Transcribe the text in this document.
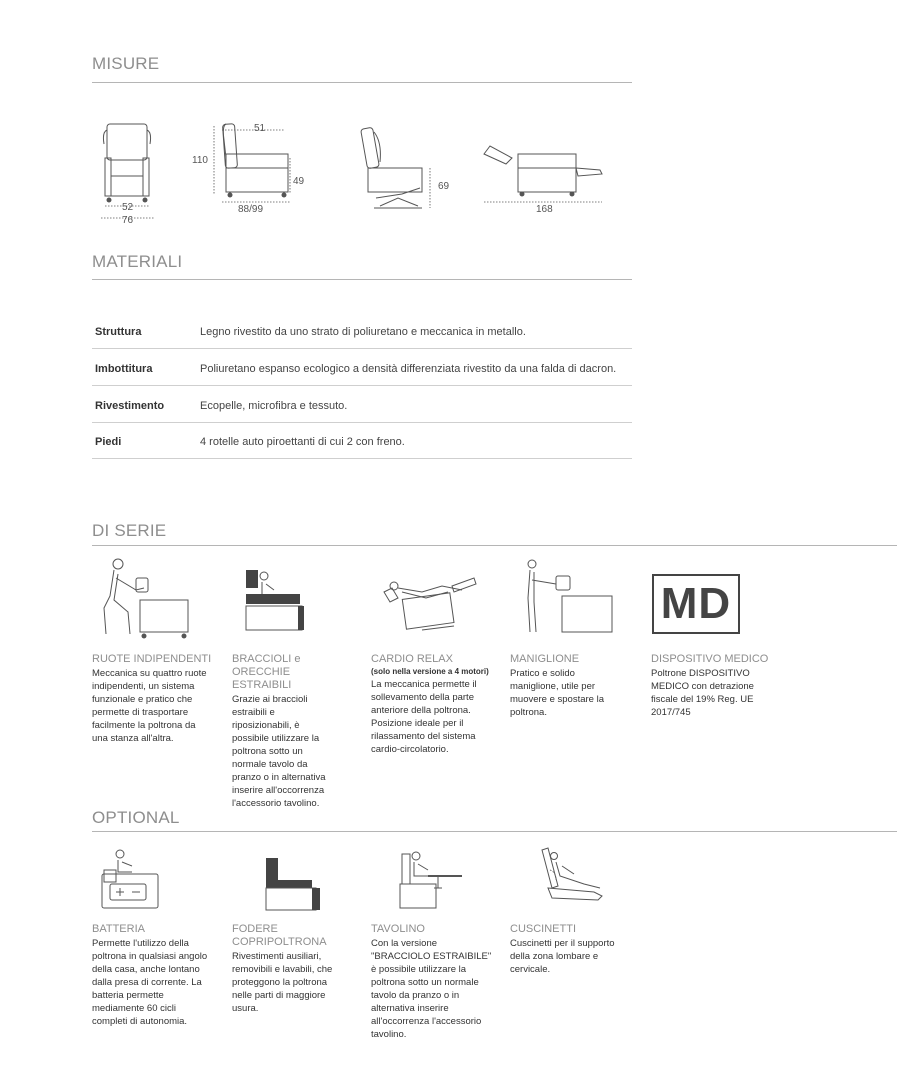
MISURE
52
76
110
51
49
88/99
69
168
MATERIALI
Struttura	Legno rivestito da uno strato di poliuretano e meccanica in metallo.
Imbottitura	Poliuretano espanso ecologico a densità differenziata rivestito da una falda di dacron.
Rivestimento	Ecopelle, microfibra e tessuto.
Piedi	4 rotelle auto piroettanti di cui 2 con freno.
DI SERIE
RUOTE INDIPENDENTI
Meccanica su quattro ruote indipendenti, un sistema funzionale e pratico che permette di trasportare facilmente la poltrona da una stanza all'altra.
BRACCIOLI e ORECCHIE ESTRAIBILI
Grazie ai braccioli estraibili e riposizionabili, è possibile utilizzare la poltrona sotto un normale tavolo da pranzo o in alternativa inserire all'occorrenza l'accessorio tavolino.
CARDIO RELAX
(solo nella versione a 4 motori)
La meccanica permette il sollevamento della parte anteriore della poltrona. Posizione ideale per il rilassamento del sistema cardio-circolatorio.
MANIGLIONE
Pratico e solido maniglione, utile per muovere e spostare la poltrona.
MD
DISPOSITIVO MEDICO
Poltrone DISPOSITIVO MEDICO con detrazione fiscale del 19% Reg. UE 2017/745
OPTIONAL
BATTERIA
Permette l'utilizzo della poltrona in qualsiasi angolo della casa, anche lontano dalla presa di corrente. La batteria permette mediamente 60 cicli completi di autonomia.
FODERE COPRIPOLTRONA
Rivestimenti ausiliari, removibili e lavabili, che proteggono la poltrona nelle parti di maggiore usura.
TAVOLINO
Con la versione "BRACCIOLO ESTRAIBILE" è possibile utilizzare la poltrona sotto un normale tavolo da pranzo o in alternativa inserire all'occorrenza l'accessorio tavolino.
CUSCINETTI
Cuscinetti per il supporto della zona lombare e cervicale.
